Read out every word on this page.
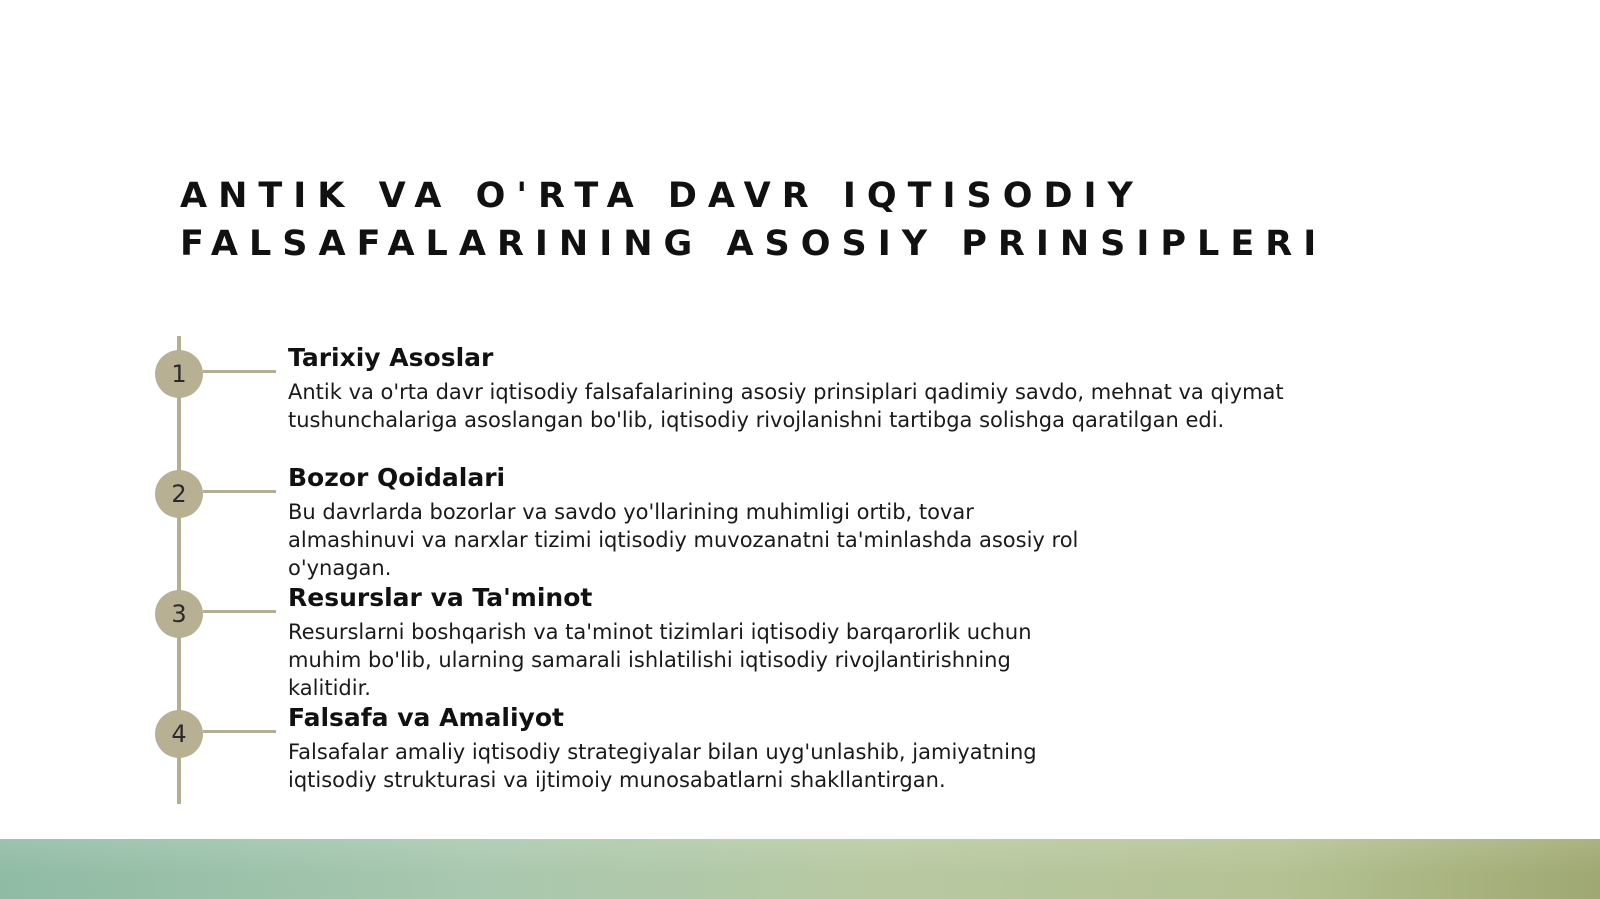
ANTIK VA O'RTA DAVR IQTISODIY FALSAFALARINING ASOSIY PRINSIPLERI
1
Tarixiy Asoslar

Antik va o'rta davr iqtisodiy falsafalarining asosiy prinsiplari qadimiy savdo, mehnat va qiymat tushunchalariga asoslangan bo'lib, iqtisodiy rivojlanishni tartibga solishga qaratilgan edi.

2
Bozor Qoidalari

Bu davrlarda bozorlar va savdo yo'llarining muhimligi ortib, tovar almashinuvi va narxlar tizimi iqtisodiy muvozanatni ta'minlashda asosiy rol o'ynagan.

3
Resurslar va Ta'minot

Resurslarni boshqarish va ta'minot tizimlari iqtisodiy barqarorlik uchun muhim bo'lib, ularning samarali ishlatilishi iqtisodiy rivojlantirishning kalitidir.

4
Falsafa va Amaliyot

Falsafalar amaliy iqtisodiy strategiyalar bilan uyg'unlashib, jamiyatning iqtisodiy strukturasi va ijtimoiy munosabatlarni shakllantirgan.
